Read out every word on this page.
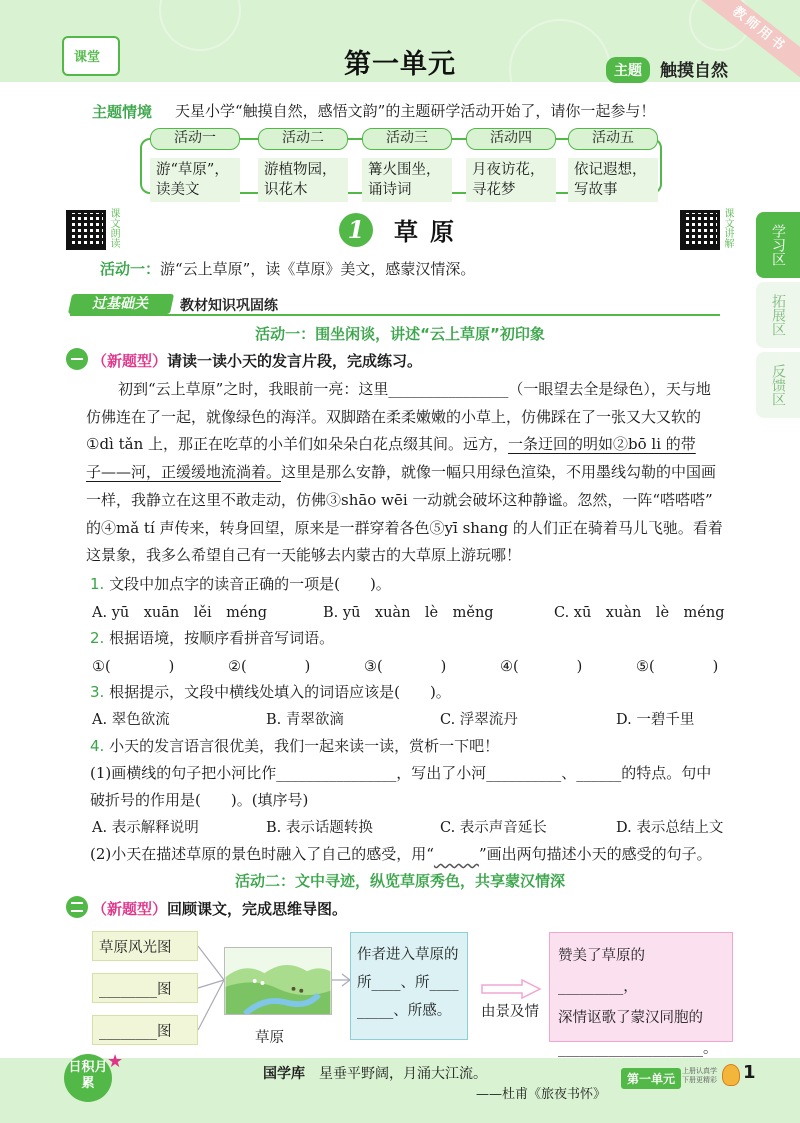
课堂	第一单元	主题	触摸自然
教师用书
主题情境 天星小学“触摸自然，感悟文韵”的主题研学活动开始了，请你一起参与！
活动一
游“草原”，
读美文
活动二
游植物园，
识花木
活动三
篝火围坐，
诵诗词
活动四
月夜访花，
寻花梦
活动五
依记遐想，
写故事
课文朗读	课文讲解
1	草原
活动一：游“云上草原”，读《草原》美文，感蒙汉情深。
学习区
拓展区
反馈区
过基础关	教材知识巩固练
活动一：围坐闲谈，讲述“云上草原”初印象
（新题型）请读一读小天的发言片段，完成练习。

初到“云上草原”之时，我眼前一亮：这里________________（一眼望去全是绿色），天与地

仿佛连在了一起，就像绿色的海洋。双脚踏在柔柔嫩嫩的小草上，仿佛踩在了一张又大又软的

①dì tǎn 上，那正在吃草的小羊们如朵朵白花点缀其间。远方，一条迂回的明如②bō li 的带

子——河，正缓缓地流淌着。这里是那么安静，就像一幅只用绿色渲染，不用墨线勾勒的中国画

一样，我静立在这里不敢走动，仿佛③shāo wēi 一动就会破坏这种静谧。忽然，一阵“嗒嗒嗒”

的④mǎ tí 声传来，转身回望，原来是一群穿着各色⑤yī shang 的人们正在骑着马儿飞驰。看着

这景象，我多么希望自己有一天能够去内蒙古的大草原上游玩哪！

1. 文段中加点字的读音正确的一项是(　　)。
A. yū　xuān　lěi　méng	B. yū　xuàn　lè　měng	C. xū　xuàn　lè　méng
2. 根据语境，按顺序看拼音写词语。
①(　　　　)	②(　　　　)	③(　　　　)	④(　　　　)	⑤(　　　　)
3. 根据提示，文段中横线处填入的词语应该是(　　)。
A. 翠色欲流	B. 青翠欲滴	C. 浮翠流丹	D. 一碧千里
4. 小天的发言语言很优美，我们一起来读一读，赏析一下吧！
(1)画横线的句子把小河比作________________，写出了小河__________、______的特点。句中
破折号的作用是(　　)。(填序号)
A. 表示解释说明	B. 表示话题转换	C. 表示声音延长	D. 表示总结上文
(2)小天在描述草原的景色时融入了自己的感受，用“　　　	”画出两句描述小天的感受的句子。
活动二：文中寻迹，纵览草原秀色，共享蒙汉情深
（新题型）回顾课文，完成思维导图。
草原风光图
________图
________图	草原
作者进入草原的
所____、所____
_____、所感。	由景及情
赞美了草原的_________，
深情讴歌了蒙汉同胞的
____________________。
日积月累
★
国学库 星垂平野阔，月涌大江流。
——杜甫《旅夜书怀》
第一单元
上册认真学 下册更精彩 1
